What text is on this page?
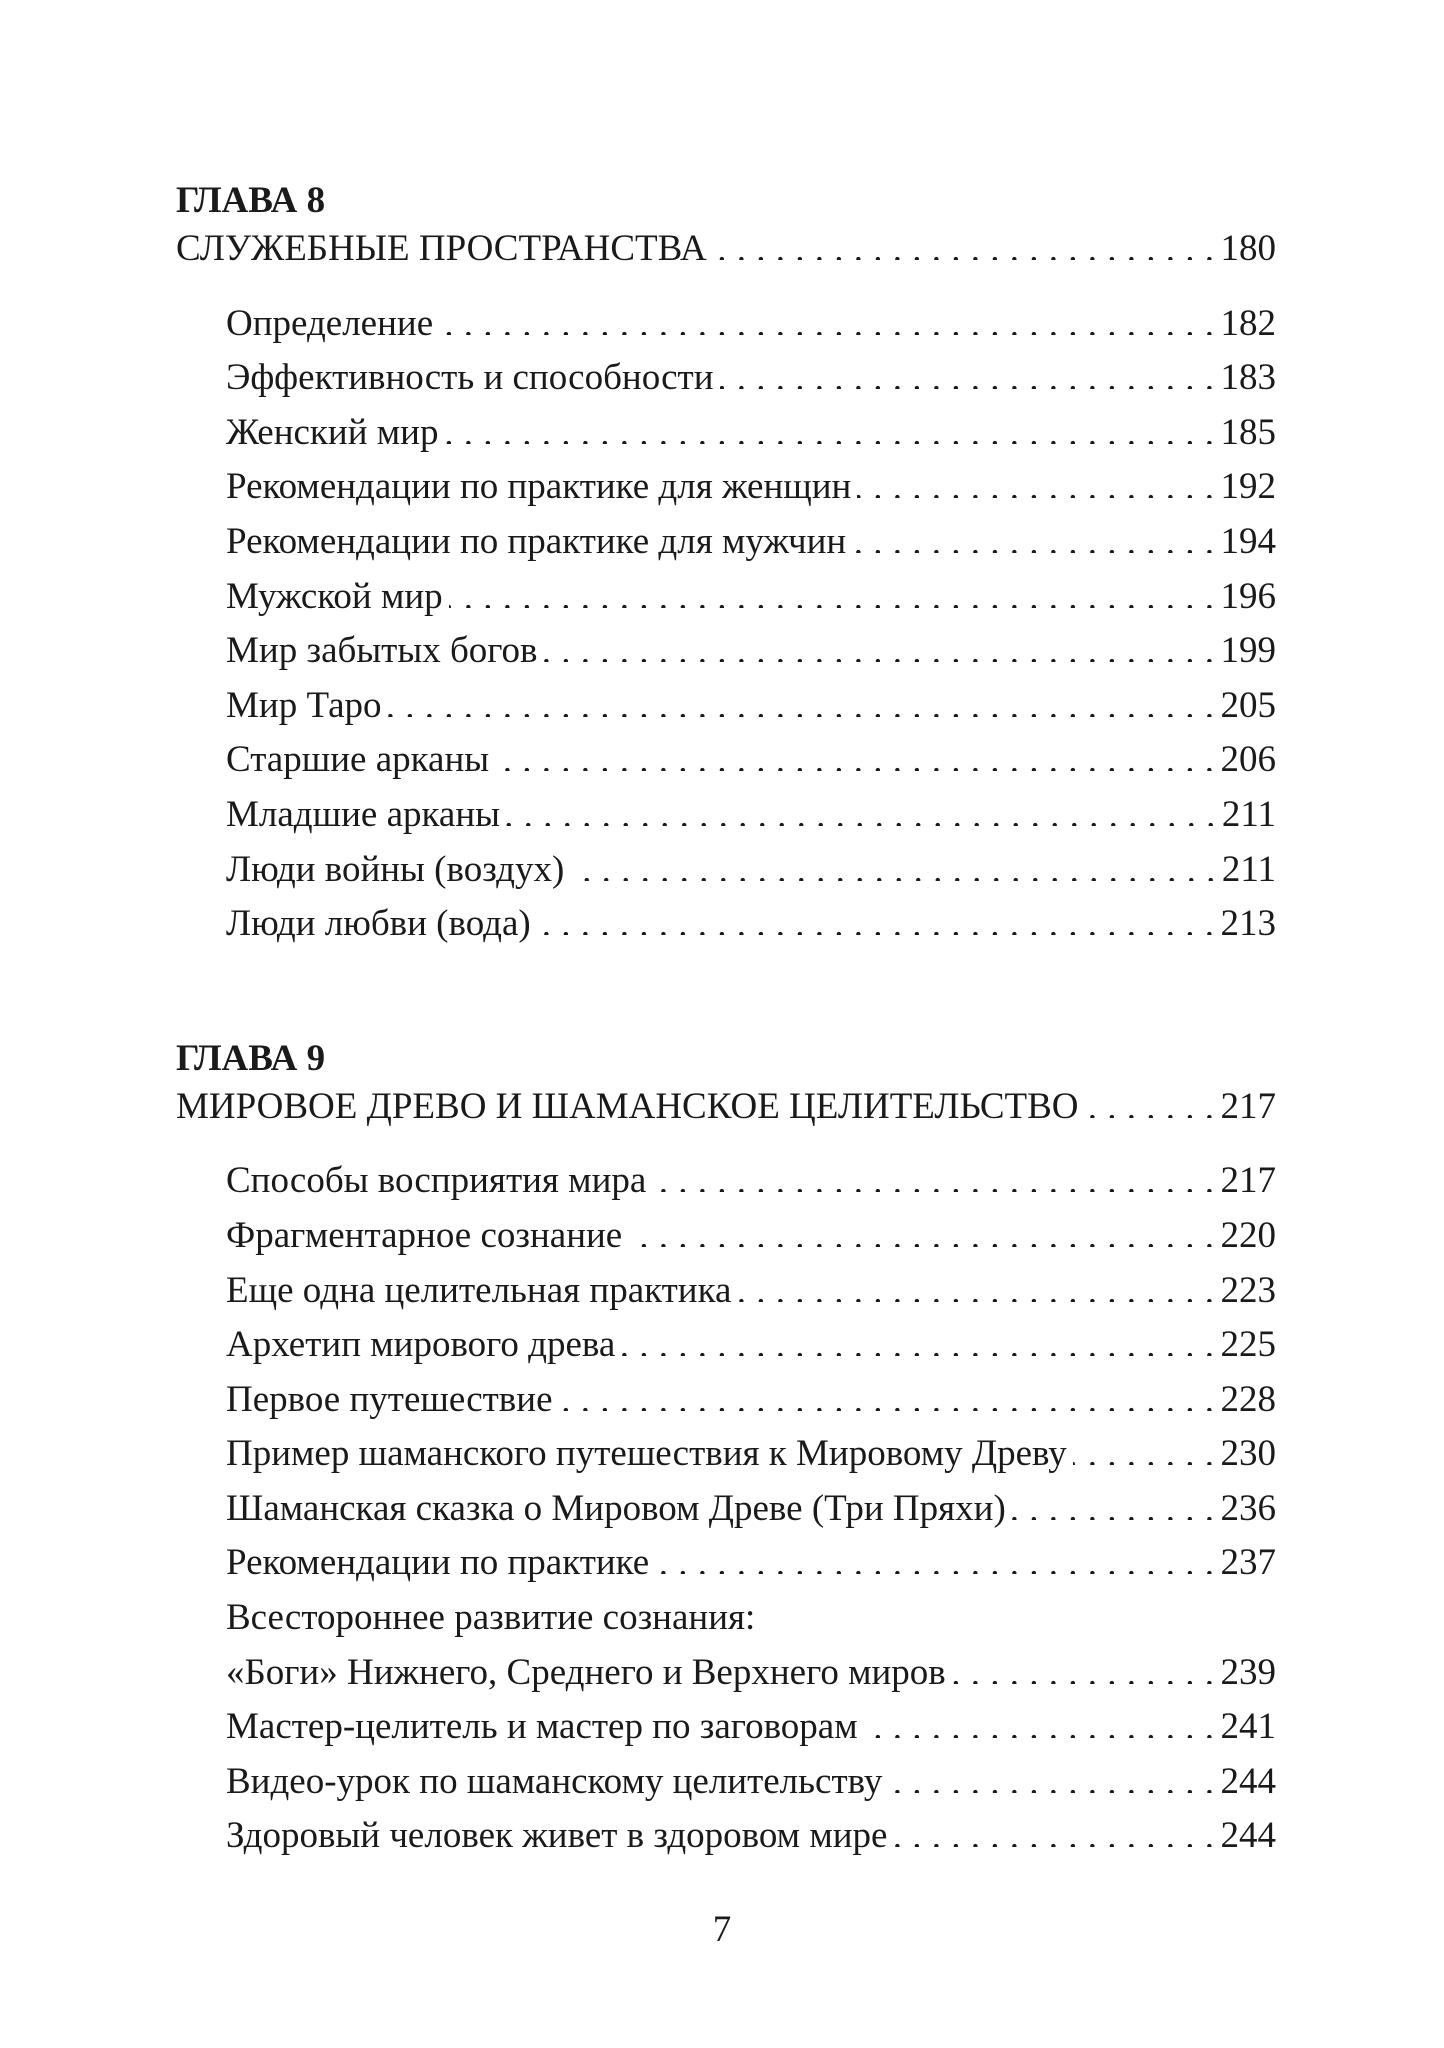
ГЛАВА 8
СЛУЖЕБНЫЕ ПРОСТРАНСТВА . . .	180
Определение . . .	182
Эффективность и способности . . .	183
Женский мир . . .	185
Рекомендации по практике для женщин . . .	192
Рекомендации по практике для мужчин . . .	194
Мужской мир . . .	196
Мир забытых богов . . .	199
Мир Таро . . .	205
Старшие арканы . . .	206
Младшие арканы . . .	211
Люди войны (воздух) . . .	211
Люди любви (вода) . . .	213
ГЛАВА 9
МИРОВОЕ ДРЕВО И ШАМАНСКОЕ ЦЕЛИТЕЛЬСТВО . . .	217
Способы восприятия мира . . .	217
Фрагментарное сознание . . .	220
Еще одна целительная практика . . .	223
Архетип мирового древа . . .	225
Первое путешествие . . .	228
Пример шаманского путешествия к Мировому Древу . . .	230
Шаманская сказка о Мировом Древе (Три Пряхи) . . .	236
Рекомендации по практике . . .	237
Всестороннее развитие сознания:
«Боги» Нижнего, Среднего и Верхнего миров . . .	239
Мастер-целитель и мастер по заговорам . . .	241
Видео-урок по шаманскому целительству . . .	244
Здоровый человек живет в здоровом мире . . .	244
7
